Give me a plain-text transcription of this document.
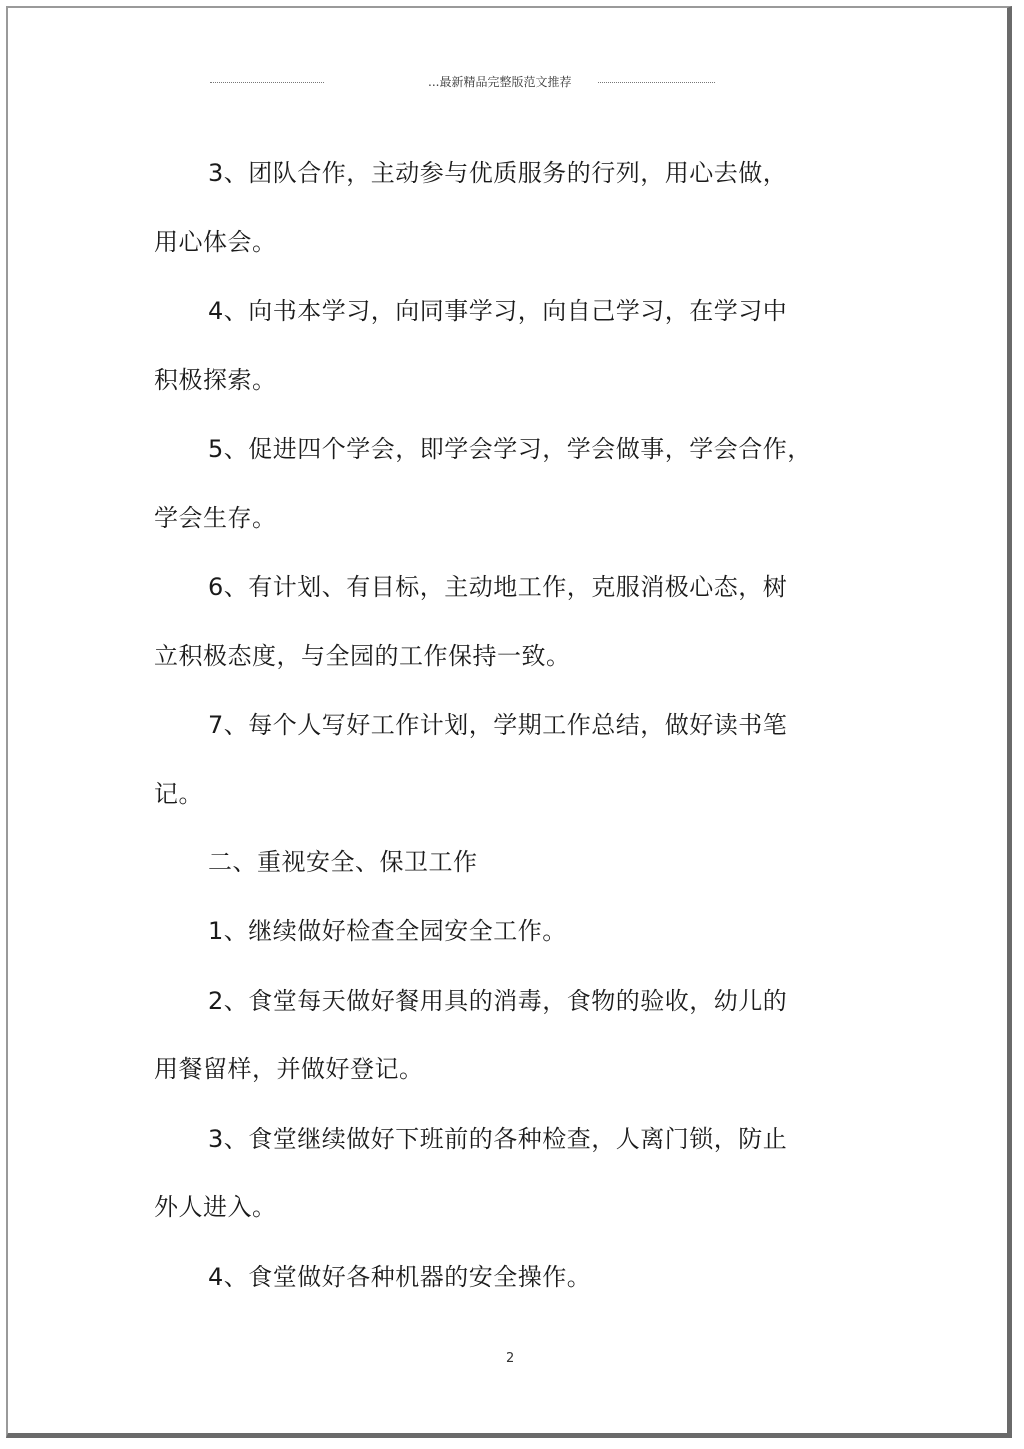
...最新精品完整版范文推荐
3、团队合作，主动参与优质服务的行列，用心去做，
用心体会。
4、向书本学习，向同事学习，向自己学习，在学习中
积极探索。
5、促进四个学会，即学会学习，学会做事，学会合作，
学会生存。
6、有计划、有目标，主动地工作，克服消极心态，树
立积极态度，与全园的工作保持一致。
7、每个人写好工作计划，学期工作总结，做好读书笔
记。
二、重视安全、保卫工作
1、继续做好检查全园安全工作。
2、食堂每天做好餐用具的消毒，食物的验收，幼儿的
用餐留样，并做好登记。
3、食堂继续做好下班前的各种检查，人离门锁，防止
外人进入。
4、食堂做好各种机器的安全操作。
2
